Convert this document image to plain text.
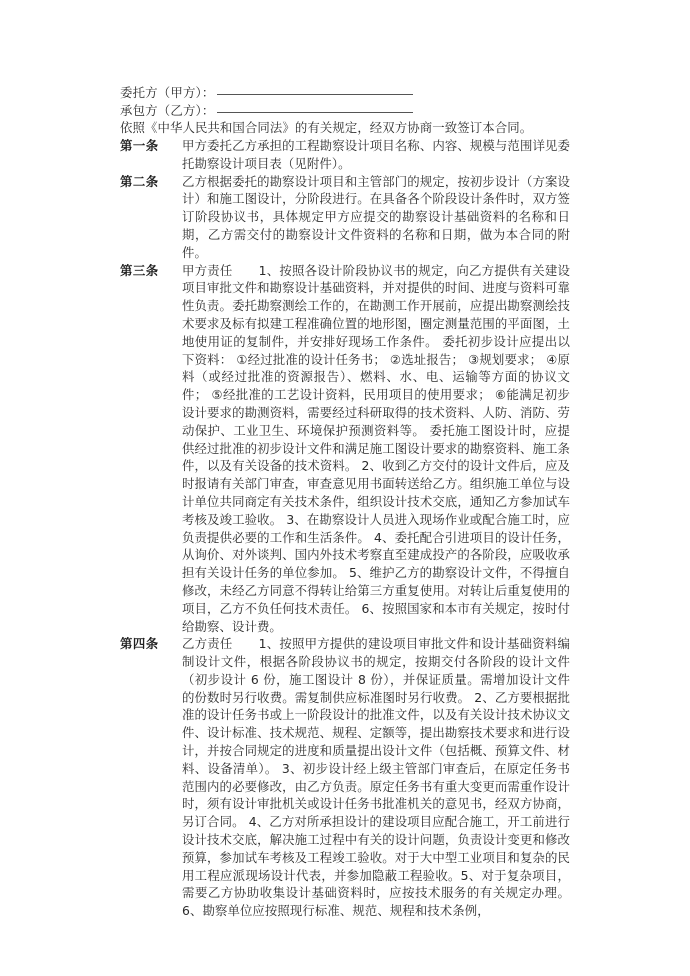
委托方（甲方）：
承包方（乙方）：
依照《中华人民共和国合同法》的有关规定，经双方协商一致签订本合同。
第一条	甲方委托乙方承担的工程勘察设计项目名称、内容、规模与范围详见委托勘察设计项目表（见附件）。
第二条	乙方根据委托的勘察设计项目和主管部门的规定，按初步设计（方案设计）和施工图设计，分阶段进行。在具备各个阶段设计条件时，双方签订阶段协议书，具体规定甲方应提交的勘察设计基础资料的名称和日期，乙方需交付的勘察设计文件资料的名称和日期，做为本合同的附件。
第三条	甲方责任 1、按照各设计阶段协议书的规定，向乙方提供有关建设项目审批文件和勘察设计基础资料，并对提供的时间、进度与资料可靠性负责。委托勘察测绘工作的，在勘测工作开展前，应提出勘察测绘技术要求及标有拟建工程准确位置的地形图，圈定测量范围的平面图，土地使用证的复制件，并安排好现场工作条件。 委托初步设计应提出以下资料： ①经过批准的设计任务书； ②选址报告； ③规划要求； ④原料（或经过批准的资源报告）、燃料、水、电、运输等方面的协议文件； ⑤经批准的工艺设计资料，民用项目的使用要求； ⑥能满足初步设计要求的勘测资料，需要经过科研取得的技术资料、人防、消防、劳动保护、工业卫生、环境保护预测资料等。 委托施工图设计时，应提供经过批准的初步设计文件和满足施工图设计要求的勘察资料、施工条件，以及有关设备的技术资料。 2、收到乙方交付的设计文件后，应及时报请有关部门审查，审查意见用书面转送给乙方。组织施工单位与设计单位共同商定有关技术条件，组织设计技术交底，通知乙方参加试车考核及竣工验收。 3、在勘察设计人员进入现场作业或配合施工时，应负责提供必要的工作和生活条件。 4、委托配合引进项目的设计任务，从询价、对外谈判、国内外技术考察直至建成投产的各阶段，应吸收承担有关设计任务的单位参加。 5、维护乙方的勘察设计文件，不得擅自修改，未经乙方同意不得转让给第三方重复使用。对转让后重复使用的项目，乙方不负任何技术责任。 6、按照国家和本市有关规定，按时付给勘察、设计费。
第四条	乙方责任 1、按照甲方提供的建设项目审批文件和设计基础资料编制设计文件，根据各阶段协议书的规定，按期交付各阶段的设计文件（初步设计 6 份，施工图设计 8 份），并保证质量。需增加设计文件的份数时另行收费。需复制供应标准图时另行收费。 2、乙方要根据批准的设计任务书或上一阶段设计的批准文件，以及有关设计技术协议文件、设计标准、技术规范、规程、定额等，提出勘察技术要求和进行设计，并按合同规定的进度和质量提出设计文件（包括概、预算文件、材料、设备清单）。 3、初步设计经上级主管部门审查后，在原定任务书范围内的必要修改，由乙方负责。原定任务书有重大变更而需重作设计时，须有设计审批机关或设计任务书批准机关的意见书，经双方协商，另订合同。 4、乙方对所承担设计的建设项目应配合施工，开工前进行设计技术交底，解决施工过程中有关的设计问题，负责设计变更和修改预算，参加试车考核及工程竣工验收。对于大中型工业项目和复杂的民用工程应派现场设计代表，并参加隐蔽工程验收。5、对于复杂项目，需要乙方协助收集设计基础资料时，应按技术服务的有关规定办理。 6、勘察单位应按照现行标准、规范、规程和技术条例，
